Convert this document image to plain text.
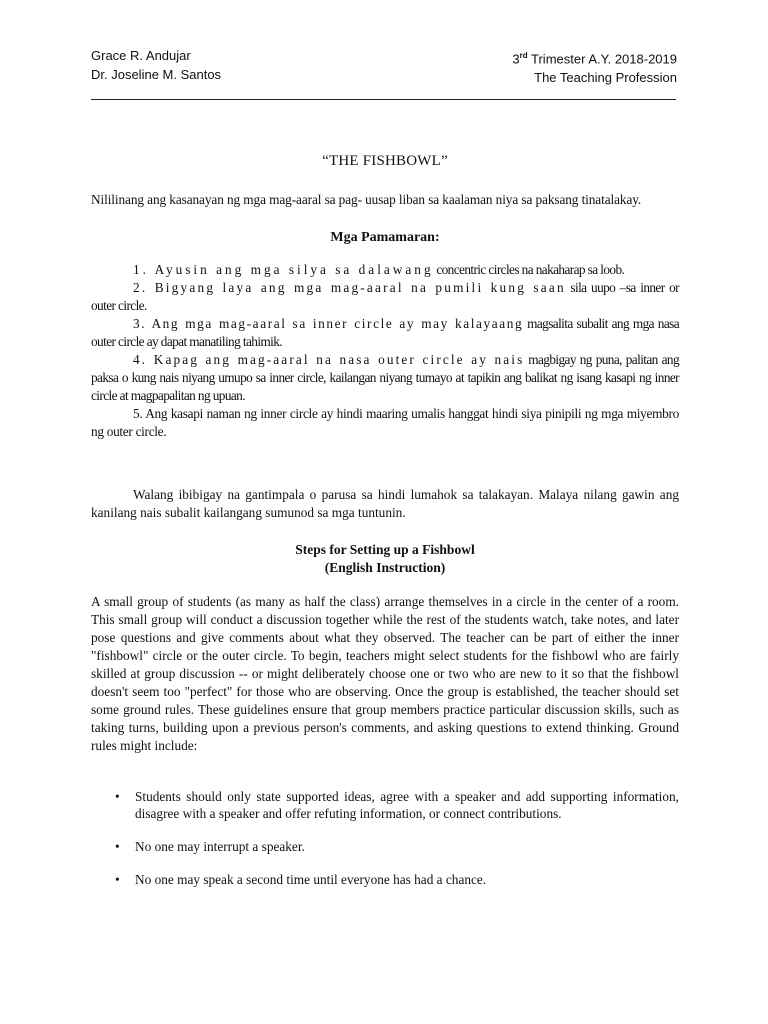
Grace R. Andujar
Dr. Joseline M. Santos
3rd Trimester A.Y. 2018-2019
The Teaching Profession
“THE FISHBOWL”
Nililinang ang kasanayan ng mga mag-aaral sa pag- uusap liban sa kaalaman niya sa paksang tinatalakay.
Mga Pamamaran:

1. Ayusin ang mga silya sa dalawang concentric circles na nakaharap sa loob.

2. Bigyang laya ang mga mag-aaral na pumili kung saan sila uupo –sa inner or outer circle.

3. Ang mga mag-aaral sa inner circle ay may kalayaang magsalita subalit ang mga nasa outer circle ay dapat manatiling tahimik.

4. Kapag ang mag-aaral na nasa outer circle ay nais magbigay ng puna, palitan ang paksa o kung nais niyang umupo sa inner circle, kailangan niyang tumayo at tapikin ang balikat ng isang kasapi ng inner circle at magpapalitan ng upuan.

5. Ang kasapi naman ng inner circle ay hindi maaring umalis hanggat hindi siya pinipili ng mga miyembro ng outer circle.

Walang ibibigay na gantimpala o parusa sa hindi lumahok sa talakayan. Malaya nilang gawin ang kanilang nais subalit kailangang sumunod sa mga tuntunin.
Steps for Setting up a Fishbowl
(English Instruction)
A small group of students (as many as half the class) arrange themselves in a circle in the center of a room. This small group will conduct a discussion together while the rest of the students watch, take notes, and later pose questions and give comments about what they observed. The teacher can be part of either the inner "fishbowl" circle or the outer circle. To begin, teachers might select students for the fishbowl who are fairly skilled at group discussion -- or might deliberately choose one or two who are new to it so that the fishbowl doesn't seem too "perfect" for those who are observing. Once the group is established, the teacher should set some ground rules. These guidelines ensure that group members practice particular discussion skills, such as taking turns, building upon a previous person's comments, and asking questions to extend thinking. Ground rules might include:
• Students should only state supported ideas, agree with a speaker and add supporting information, disagree with a speaker and offer refuting information, or connect contributions.
• No one may interrupt a speaker.
• No one may speak a second time until everyone has had a chance.
